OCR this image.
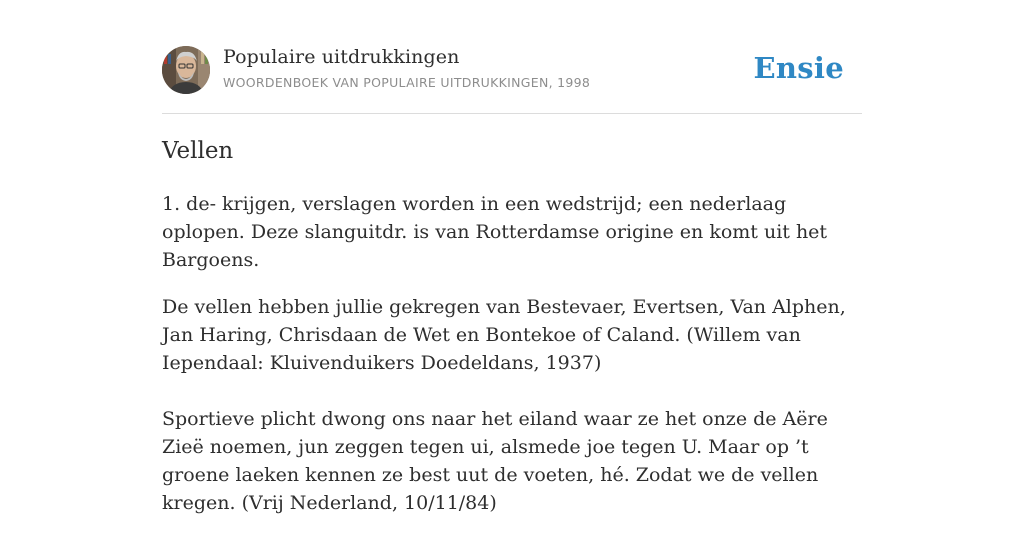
Populaire uitdrukkingen
WOORDENBOEK VAN POPULAIRE UITDRUKKINGEN, 1998	Ensie
Vellen

1. de- krijgen, verslagen worden in een wedstrijd; een nederlaag oplopen. Deze slanguitdr. is van Rotterdamse origine en komt uit het Bargoens.

De vellen hebben jullie gekregen van Bestevaer, Evertsen, Van Alphen, Jan Haring, Chrisdaan de Wet en Bontekoe of Caland. (Willem van Iependaal: Kluivenduikers Doedeldans, 1937)

Sportieve plicht dwong ons naar het eiland waar ze het onze de Aëre Zieë noemen, jun zeggen tegen ui, alsmede joe tegen U. Maar op ’t groene laeken kennen ze best uut de voeten, hé. Zodat we de vellen kregen. (Vrij Nederland, 10/11/84)
